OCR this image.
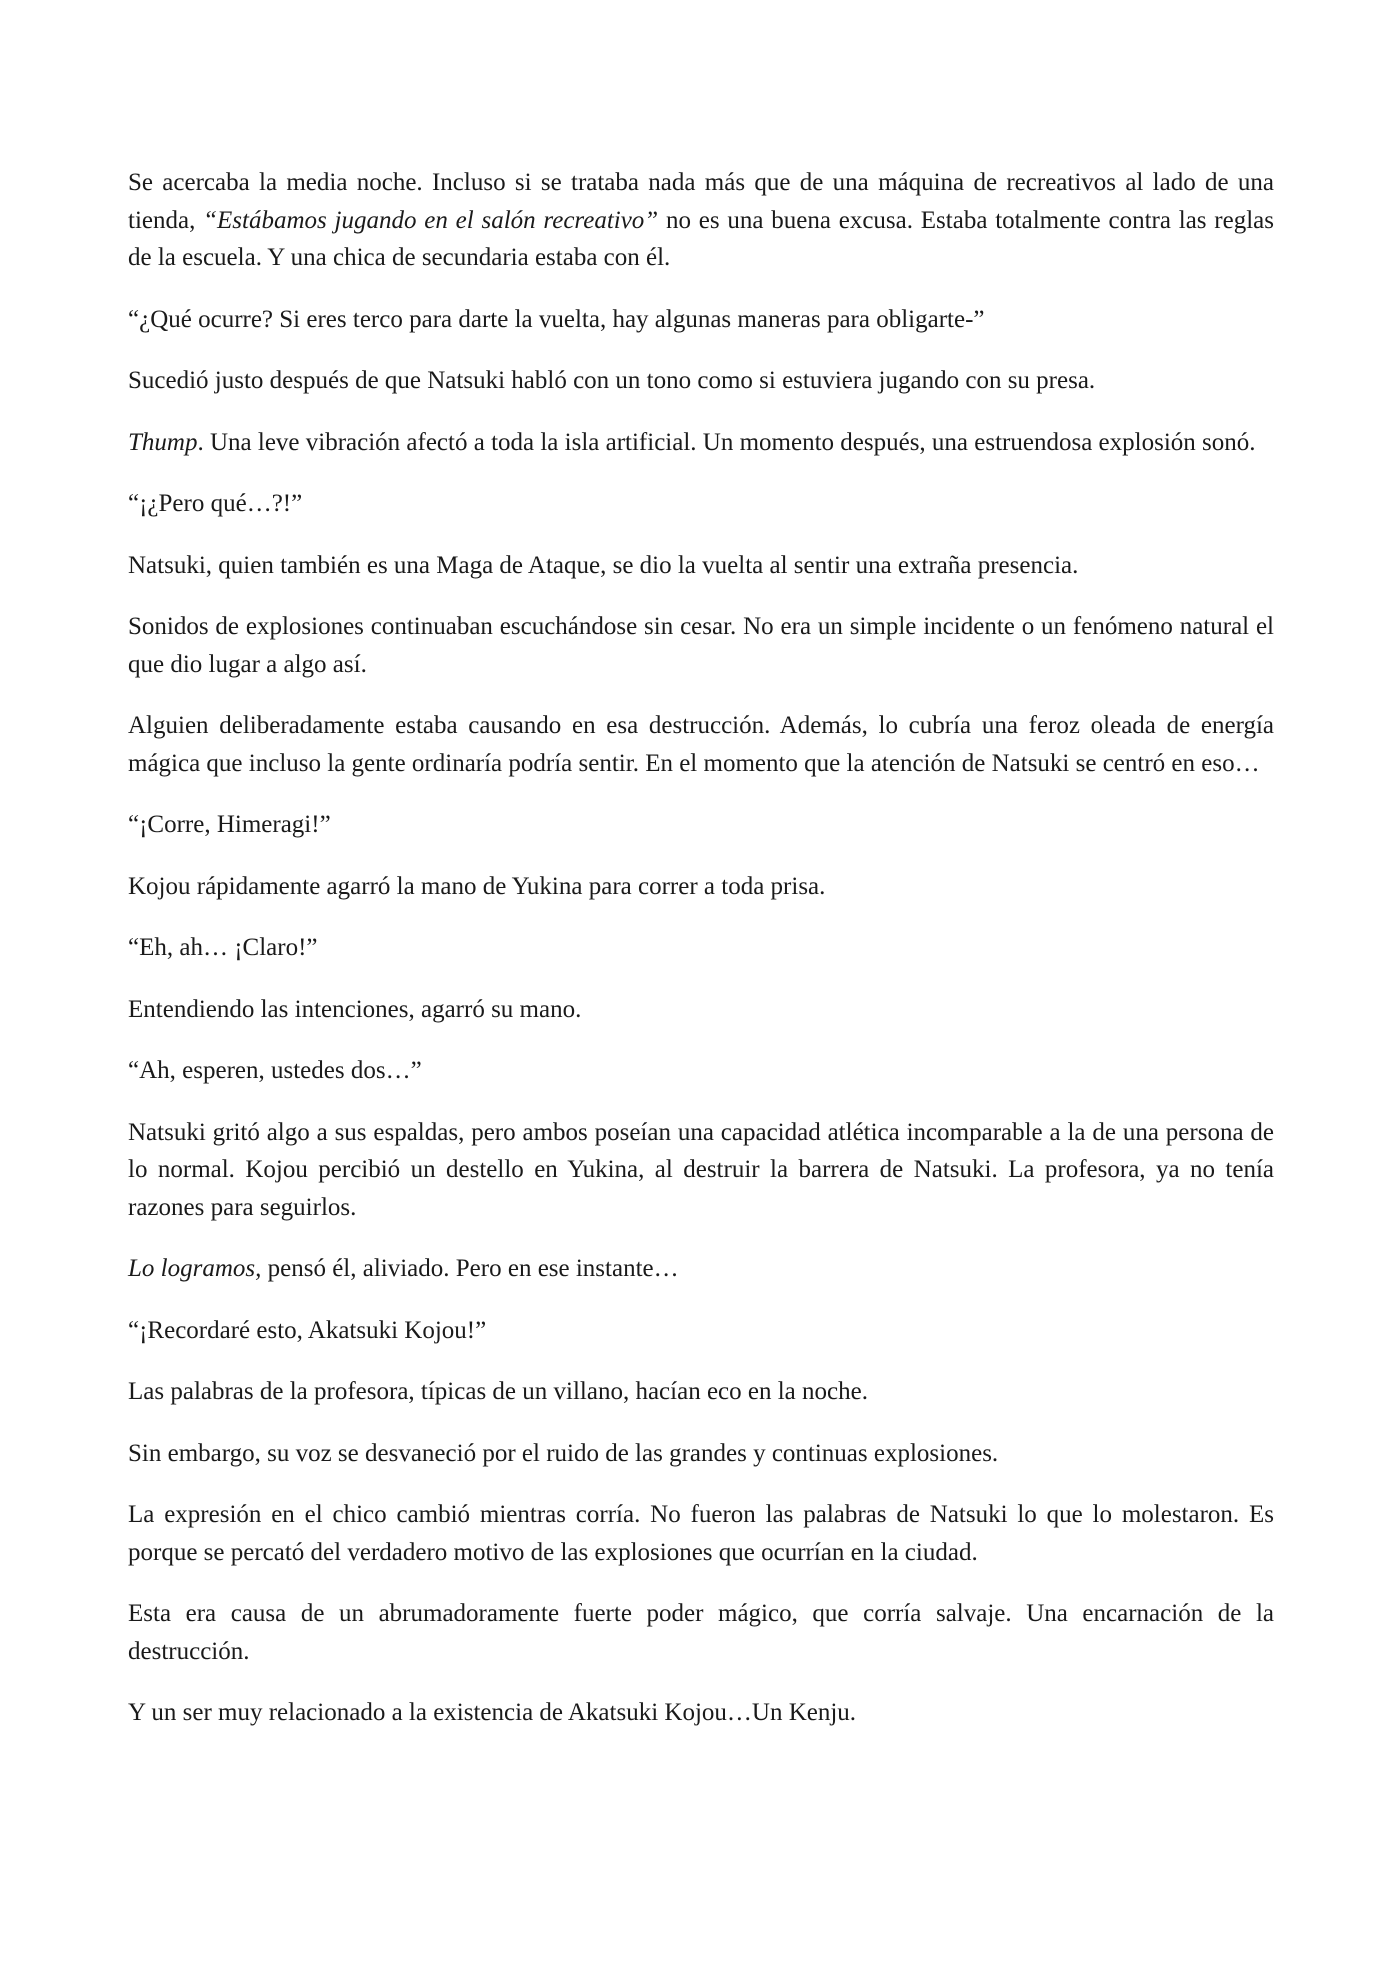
Se acercaba la media noche. Incluso si se trataba nada más que de una máquina de recreativos al lado de una tienda, “Estábamos jugando en el salón recreativo” no es una buena excusa. Estaba totalmente contra las reglas de la escuela. Y una chica de secundaria estaba con él.

“¿Qué ocurre? Si eres terco para darte la vuelta, hay algunas maneras para obligarte-”

Sucedió justo después de que Natsuki habló con un tono como si estuviera jugando con su presa.

Thump. Una leve vibración afectó a toda la isla artificial. Un momento después, una estruendosa explosión sonó.

“¡¿Pero qué…?!”

Natsuki, quien también es una Maga de Ataque, se dio la vuelta al sentir una extraña presencia.

Sonidos de explosiones continuaban escuchándose sin cesar. No era un simple incidente o un fenómeno natural el que dio lugar a algo así.

Alguien deliberadamente estaba causando en esa destrucción. Además, lo cubría una feroz oleada de energía mágica que incluso la gente ordinaría podría sentir. En el momento que la atención de Natsuki se centró en eso…

“¡Corre, Himeragi!”

Kojou rápidamente agarró la mano de Yukina para correr a toda prisa.

“Eh, ah… ¡Claro!”

Entendiendo las intenciones, agarró su mano.

“Ah, esperen, ustedes dos…”

Natsuki gritó algo a sus espaldas, pero ambos poseían una capacidad atlética incomparable a la de una persona de lo normal. Kojou percibió un destello en Yukina, al destruir la barrera de Natsuki. La profesora, ya no tenía razones para seguirlos.

Lo logramos, pensó él, aliviado. Pero en ese instante…

“¡Recordaré esto, Akatsuki Kojou!”

Las palabras de la profesora, típicas de un villano, hacían eco en la noche.

Sin embargo, su voz se desvaneció por el ruido de las grandes y continuas explosiones.

La expresión en el chico cambió mientras corría. No fueron las palabras de Natsuki lo que lo molestaron. Es porque se percató del verdadero motivo de las explosiones que ocurrían en la ciudad.

Esta era causa de un abrumadoramente fuerte poder mágico, que corría salvaje. Una encarnación de la destrucción.

Y un ser muy relacionado a la existencia de Akatsuki Kojou…Un Kenju.
